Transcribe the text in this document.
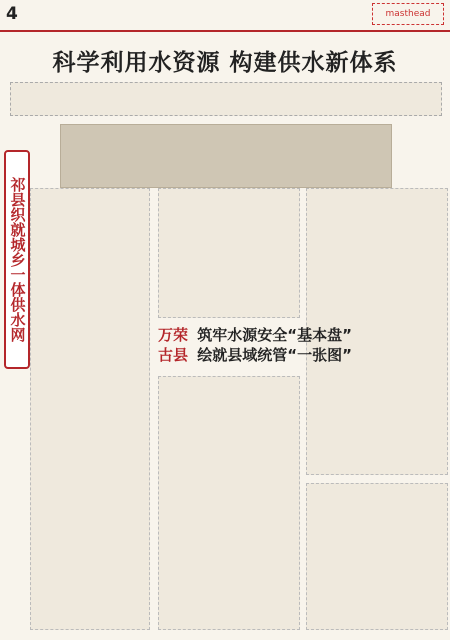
4	masthead
科学利用水资源 构建供水新体系
祁县织就城乡一体供水网	万荣 筑牢水源安全“基本盘”
古县 绘就县域统管“一张图”
